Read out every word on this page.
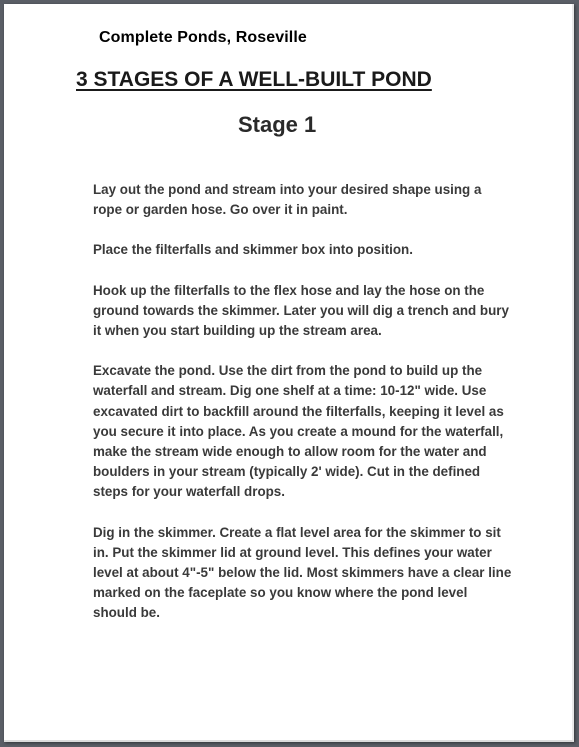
Complete Ponds, Roseville
3 STAGES OF A WELL-BUILT POND
Stage 1

Lay out the pond and stream into your desired shape using a rope or garden hose. Go over it in paint.

Place the filterfalls and skimmer box into position.

Hook up the filterfalls to the flex hose and lay the hose on the ground towards the skimmer. Later you will dig a trench and bury it when you start building up the stream area.

Excavate the pond. Use the dirt from the pond to build up the waterfall and stream. Dig one shelf at a time: 10-12" wide. Use excavated dirt to backfill around the filterfalls, keeping it level as you secure it into place. As you create a mound for the waterfall, make the stream wide enough to allow room for the water and boulders in your stream (typically 2' wide). Cut in the defined steps for your waterfall drops.

Dig in the skimmer. Create a flat level area for the skimmer to sit in. Put the skimmer lid at ground level. This defines your water level at about 4"-5" below the lid. Most skimmers have a clear line marked on the faceplate so you know where the pond level should be.
